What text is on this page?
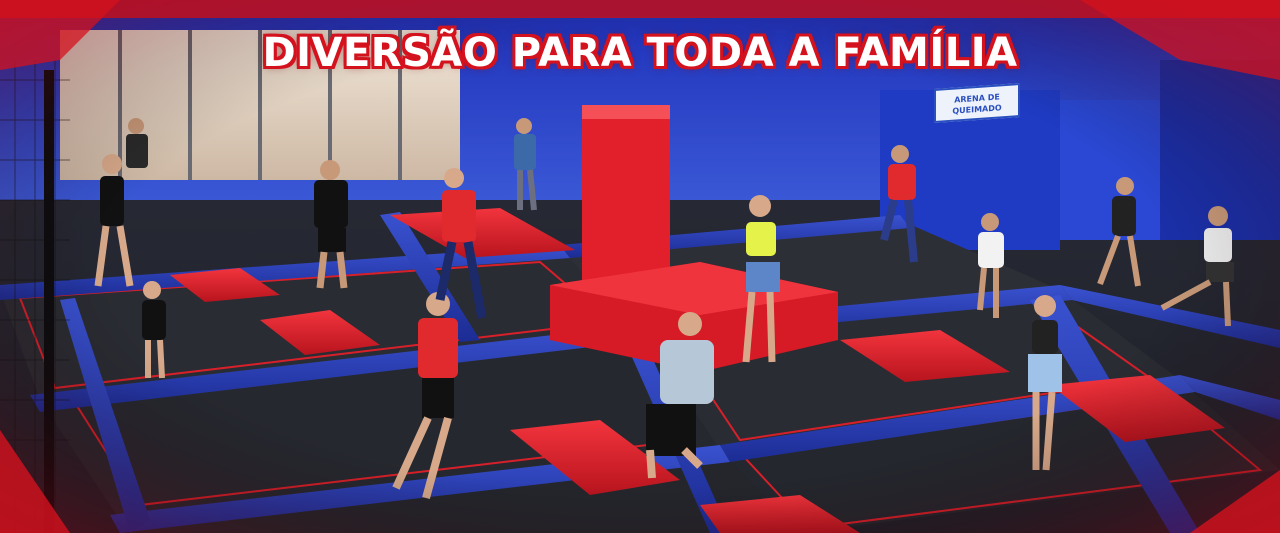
ARENA DE QUEIMADO
DIVERSÃO PARA TODA A FAMÍLIA
